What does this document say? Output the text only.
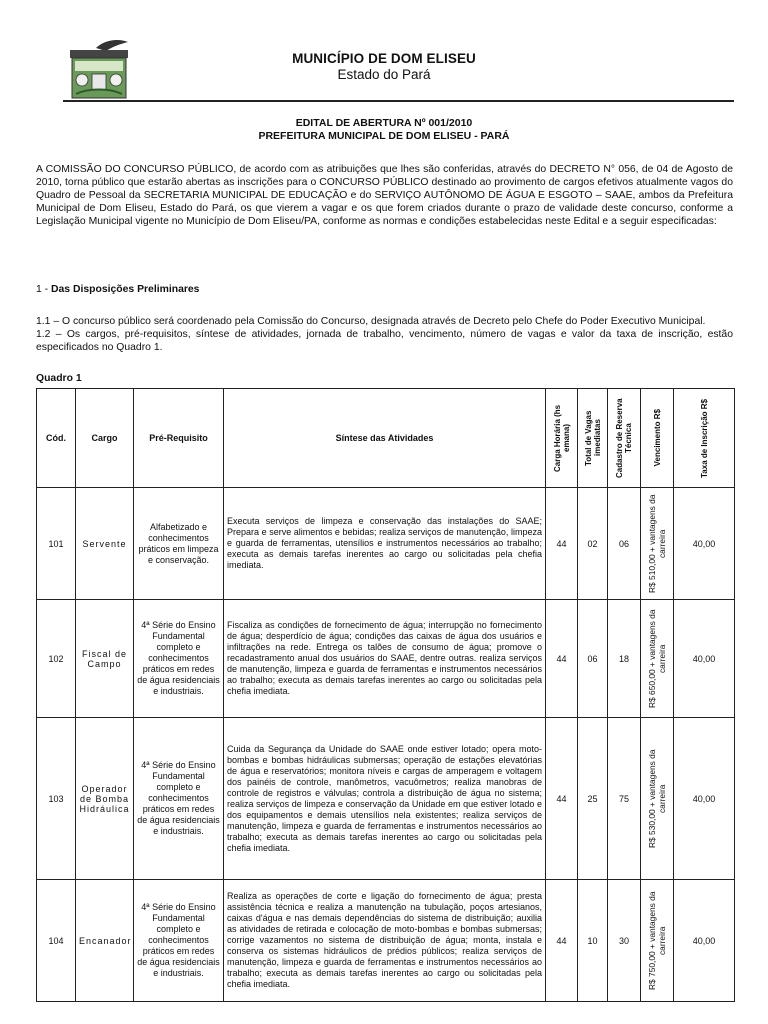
MUNICÍPIO DE DOM ELISEU
Estado do Pará
EDITAL DE ABERTURA Nº 001/2010
PREFEITURA MUNICIPAL DE DOM ELISEU - PARÁ
A COMISSÃO DO CONCURSO PÚBLICO, de acordo com as atribuições que lhes são conferidas, através do DECRETO N° 056, de 04 de Agosto de 2010, torna público que estarão abertas as inscrições para o CONCURSO PÚBLICO destinado ao provimento de cargos efetivos atualmente vagos do Quadro de Pessoal da SECRETARIA MUNICIPAL DE EDUCAÇÃO e do SERVIÇO AUTÔNOMO DE ÁGUA E ESGOTO – SAAE, ambos da Prefeitura Municipal de Dom Eliseu, Estado do Pará, os que vierem a vagar e os que forem criados durante o prazo de validade deste concurso, conforme a Legislação Municipal vigente no Município de Dom Eliseu/PA, conforme as normas e condições estabelecidas neste Edital e a seguir especificadas:
1 - Das Disposições Preliminares
1.1 – O concurso público será coordenado pela Comissão do Concurso, designada através de Decreto pelo Chefe do Poder Executivo Municipal.
1.2 – Os cargos, pré-requisitos, síntese de atividades, jornada de trabalho, vencimento, número de vagas e valor da taxa de inscrição, estão especificados no Quadro 1.
Quadro 1
Cód.	Cargo	Pré-Requisito	Síntese das Atividades	Carga Horária (hs emana)	Total de Vagas imediatas	Cadastro de Reserva Técnica	Vencimento R$	Taxa de Inscrição R$

101	Servente	Alfabetizado e conhecimentos práticos em limpeza e conservação.	Executa serviços de limpeza e conservação das instalações do SAAE; Prepara e serve alimentos e bebidas; realiza serviços de manutenção, limpeza e guarda de ferramentas, utensílios e instrumentos necessários ao trabalho; executa as demais tarefas inerentes ao cargo ou solicitadas pela chefia imediata.	44	02	06	R$ 510,00 + vantagens da carreira	40,00
102	Fiscal de Campo	4ª Série do Ensino Fundamental completo e conhecimentos práticos em redes de água residenciais e industriais.	Fiscaliza as condições de fornecimento de água; interrupção no fornecimento de água; desperdício de água; condições das caixas de água dos usuários e infiltrações na rede. Entrega os talões de consumo de água; promove o recadastramento anual dos usuários do SAAE, dentre outras. realiza serviços de manutenção, limpeza e guarda de ferramentas e instrumentos necessários ao trabalho; executa as demais tarefas inerentes ao cargo ou solicitadas pela chefia imediata.	44	06	18	R$ 650,00 + vantagens da carreira	40,00
103	Operador de Bomba Hidráulica	4ª Série do Ensino Fundamental completo e conhecimentos práticos em redes de água residenciais e industriais.	Cuida da Segurança da Unidade do SAAE onde estiver lotado; opera moto-bombas e bombas hidráulicas submersas; operação de estações elevatórias de água e reservatórios; monitora níveis e cargas de amperagem e voltagem dos painéis de controle, manômetros, vacuômetros; realiza manobras de controle de registros e válvulas; controla a distribuição de água no sistema; realiza serviços de limpeza e conservação da Unidade em que estiver lotado e dos equipamentos e demais utensílios nela existentes; realiza serviços de manutenção, limpeza e guarda de ferramentas e instrumentos necessários ao trabalho; executa as demais tarefas inerentes ao cargo ou solicitadas pela chefia imediata.	44	25	75	R$ 530,00 + vantagens da carreira	40,00
104	Encanador	4ª Série do Ensino Fundamental completo e conhecimentos práticos em redes de água residenciais e industriais.	Realiza as operações de corte e ligação do fornecimento de água; presta assistência técnica e realiza a manutenção na tubulação, poços artesianos, caixas d'água e nas demais dependências do sistema de distribuição; auxilia as atividades de retirada e colocação de moto-bombas e bombas submersas; corrige vazamentos no sistema de distribuição de água; monta, instala e conserva os sistemas hidráulicos de prédios públicos; realiza serviços de manutenção, limpeza e guarda de ferramentas e instrumentos necessários ao trabalho; executa as demais tarefas inerentes ao cargo ou solicitadas pela chefia imediata.	44	10	30	R$ 750,00 + vantagens da carreira	40,00
